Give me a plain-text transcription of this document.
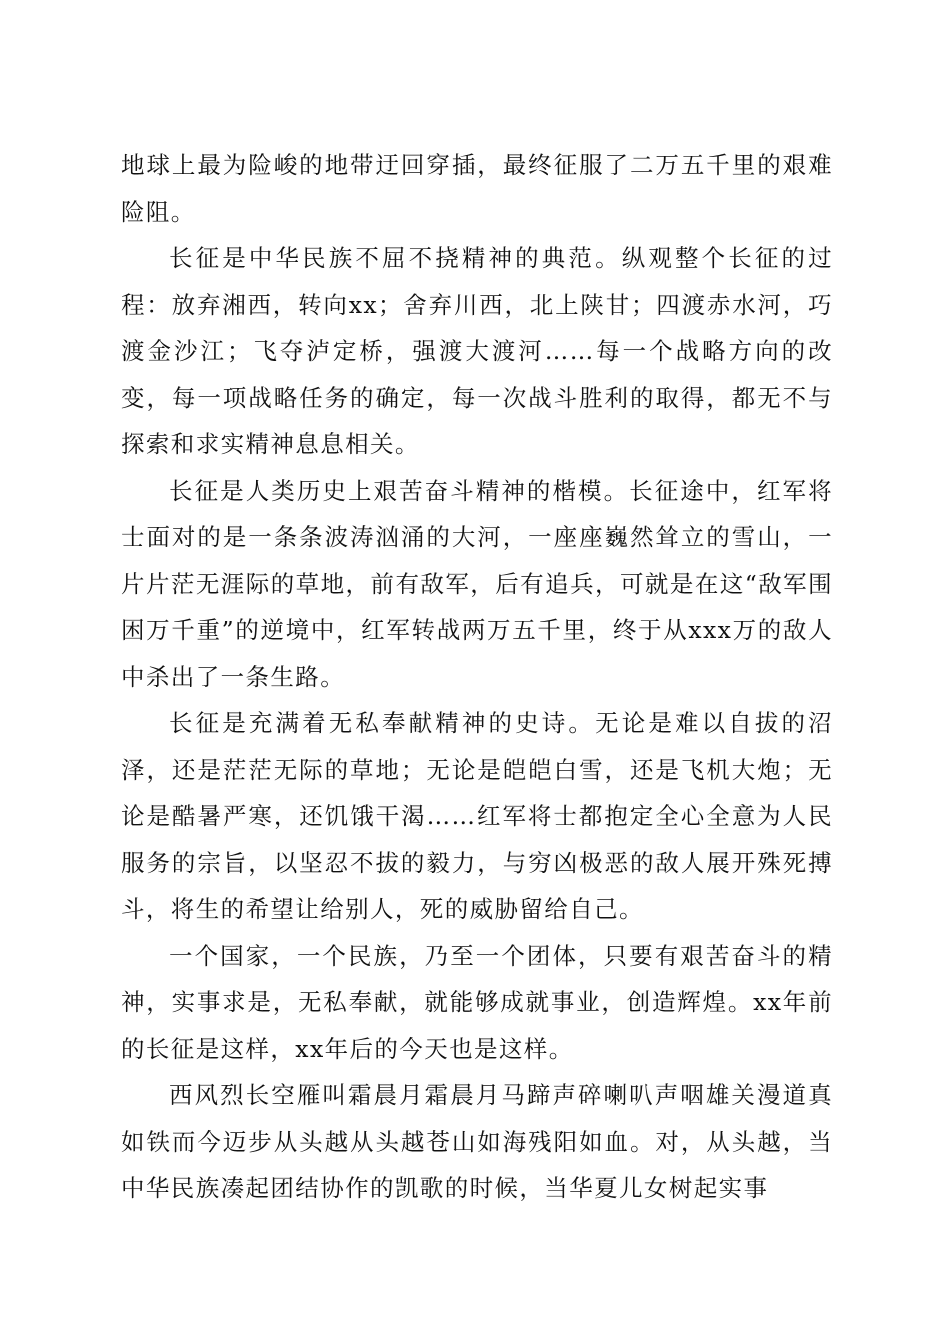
地球上最为险峻的地带迂回穿插，最终征服了二万五千里的艰难险阻。

长征是中华民族不屈不挠精神的典范。纵观整个长征的过程：放弃湘西，转向xx；舍弃川西，北上陕甘；四渡赤水河，巧渡金沙江；飞夺泸定桥，强渡大渡河……每一个战略方向的改变，每一项战略任务的确定，每一次战斗胜利的取得，都无不与探索和求实精神息息相关。

长征是人类历史上艰苦奋斗精神的楷模。长征途中，红军将士面对的是一条条波涛汹涌的大河，一座座巍然耸立的雪山，一片片茫无涯际的草地，前有敌军，后有追兵，可就是在这“敌军围困万千重”的逆境中，红军转战两万五千里，终于从xxx万的敌人中杀出了一条生路。

长征是充满着无私奉献精神的史诗。无论是难以自拔的沼泽，还是茫茫无际的草地；无论是皑皑白雪，还是飞机大炮；无论是酷暑严寒，还饥饿干渴……红军将士都抱定全心全意为人民服务的宗旨，以坚忍不拔的毅力，与穷凶极恶的敌人展开殊死搏斗，将生的希望让给别人，死的威胁留给自己。

一个国家，一个民族，乃至一个团体，只要有艰苦奋斗的精神，实事求是，无私奉献，就能够成就事业，创造辉煌。xx年前的长征是这样，xx年后的今天也是这样。

西风烈长空雁叫霜晨月霜晨月马蹄声碎喇叭声咽雄关漫道真如铁而今迈步从头越从头越苍山如海残阳如血。对，从头越，当中华民族凑起团结协作的凯歌的时候，当华夏儿女树起实事
